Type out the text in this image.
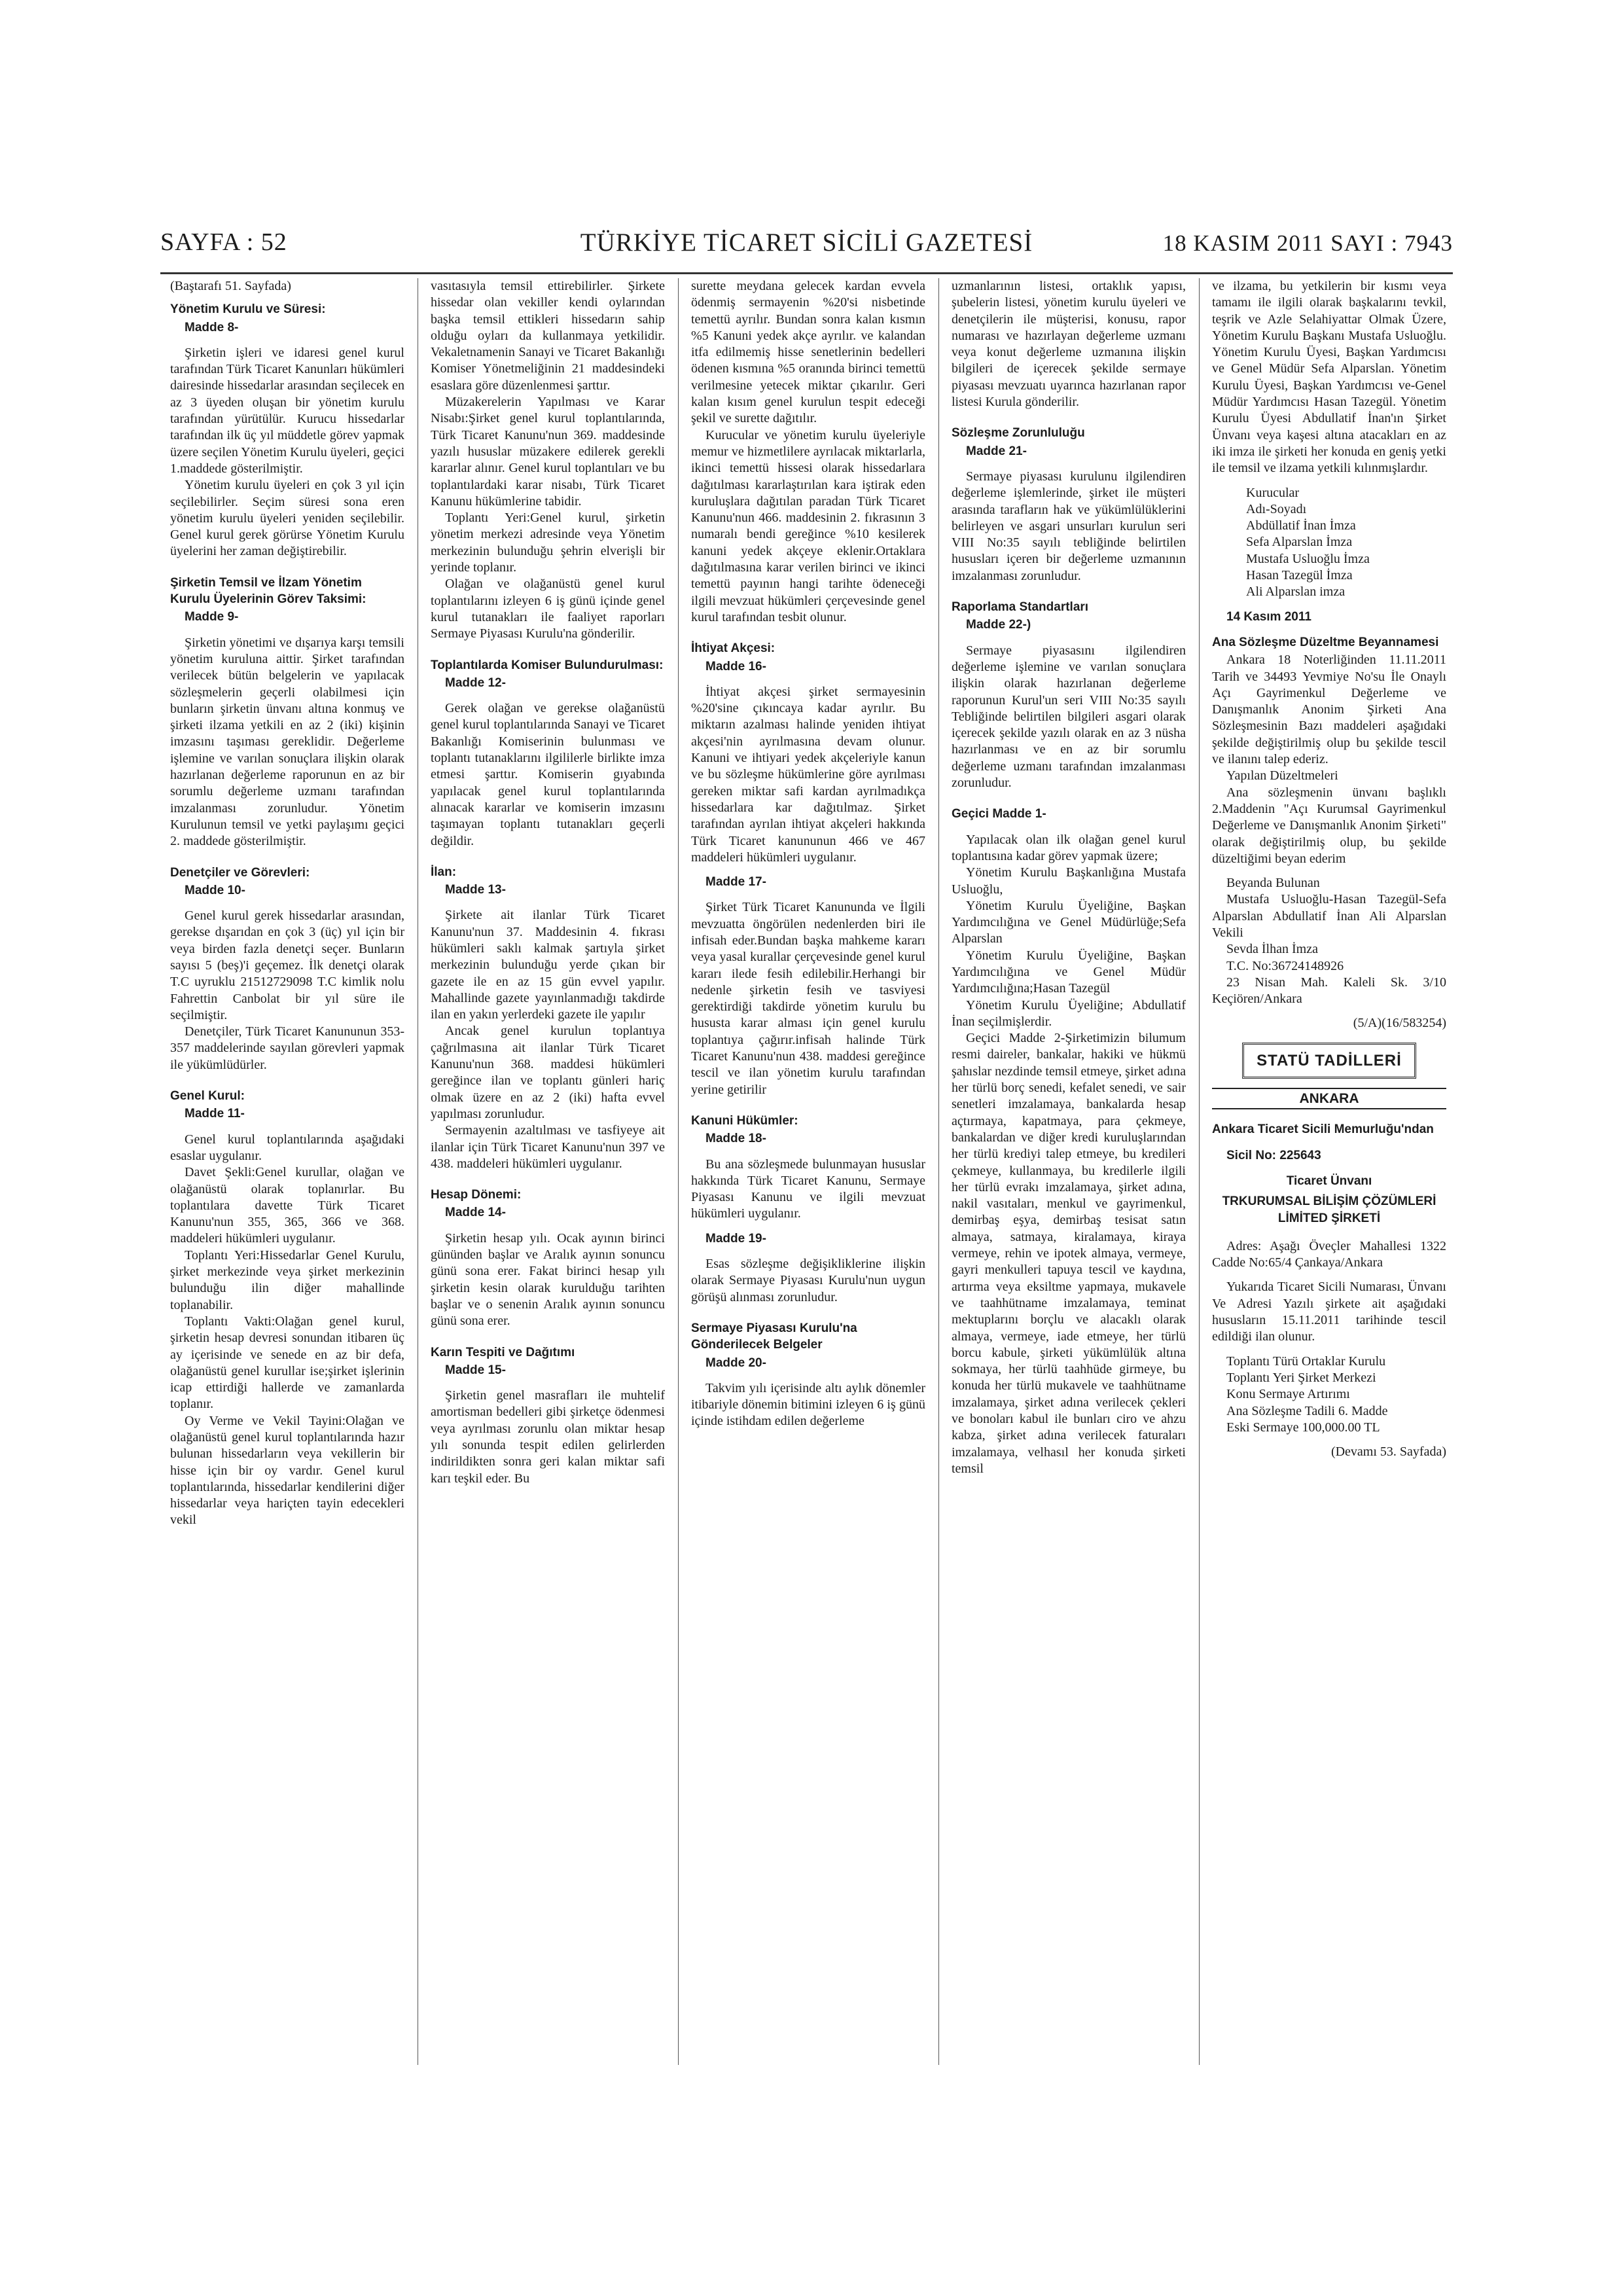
SAYFA : 52	TÜRKİYE TİCARET SİCİLİ GAZETESİ	18 KASIM 2011 SAYI : 7943

(Baştarafı 51. Sayfada)

Yönetim Kurulu ve Süresi:
Madde 8-

Şirketin işleri ve idaresi genel kurul tarafından Türk Ticaret Kanunları hükümleri dairesinde hissedarlar arasından seçilecek en az 3 üyeden oluşan bir yönetim kurulu tarafından yürütülür. Kurucu hissedarlar tarafından ilk üç yıl müddetle görev yapmak üzere seçilen Yönetim Kurulu üyeleri, geçici 1.maddede gösterilmiştir.

Yönetim kurulu üyeleri en çok 3 yıl için seçilebilirler. Seçim süresi sona eren yönetim kurulu üyeleri yeniden seçilebilir. Genel kurul gerek görürse Yönetim Kurulu üyelerini her zaman değiştirebilir.

Şirketin Temsil ve İlzam Yönetim Kurulu Üyelerinin Görev Taksimi:
Madde 9-

Şirketin yönetimi ve dışarıya karşı temsili yönetim kuruluna aittir. Şirket tarafından verilecek bütün belgelerin ve yapılacak sözleşmelerin geçerli olabilmesi için bunların şirketin ünvanı altına konmuş ve şirketi ilzama yetkili en az 2 (iki) kişinin imzasını taşıması gereklidir. Değerleme işlemine ve varılan sonuçlara ilişkin olarak hazırlanan değerleme raporunun en az bir sorumlu değerleme uzmanı tarafından imzalanması zorunludur. Yönetim Kurulunun temsil ve yetki paylaşımı geçici 2. maddede gösterilmiştir.

Denetçiler ve Görevleri:
Madde 10-

Genel kurul gerek hissedarlar arasından, gerekse dışarıdan en çok 3 (üç) yıl için bir veya birden fazla denetçi seçer. Bunların sayısı 5 (beş)'i geçemez. İlk denetçi olarak T.C uyruklu 21512729098 T.C kimlik nolu Fahrettin Canbolat bir yıl süre ile seçilmiştir.

Denetçiler, Türk Ticaret Kanununun 353-357 maddelerinde sayılan görevleri yapmak ile yükümlüdürler.

Genel Kurul:
Madde 11-

Genel kurul toplantılarında aşağıdaki esaslar uygulanır.

Davet Şekli:Genel kurullar, olağan ve olağanüstü olarak toplanırlar. Bu toplantılara davette Türk Ticaret Kanunu'nun 355, 365, 366 ve 368. maddeleri hükümleri uygulanır.

Toplantı Yeri:Hissedarlar Genel Kurulu, şirket merkezinde veya şirket merkezinin bulunduğu ilin diğer mahallinde toplanabilir.

Toplantı Vakti:Olağan genel kurul, şirketin hesap devresi sonundan itibaren üç ay içerisinde ve senede en az bir defa, olağanüstü genel kurullar ise;şirket işlerinin icap ettirdiği hallerde ve zamanlarda toplanır.

Oy Verme ve Vekil Tayini:Olağan ve olağanüstü genel kurul toplantılarında hazır bulunan hissedarların veya vekillerin bir hisse için bir oy vardır. Genel kurul toplantılarında, hissedarlar kendilerini diğer hissedarlar veya hariçten tayin edecekleri vekil

vasıtasıyla temsil ettirebilirler. Şirkete hissedar olan vekiller kendi oylarından başka temsil ettikleri hissedarın sahip olduğu oyları da kullanmaya yetkilidir. Vekaletnamenin Sanayi ve Ticaret Bakanlığı Komiser Yönetmeliğinin 21 maddesindeki esaslara göre düzenlenmesi şarttır.

Müzakerelerin Yapılması ve Karar Nisabı:Şirket genel kurul toplantılarında, Türk Ticaret Kanunu'nun 369. maddesinde yazılı hususlar müzakere edilerek gerekli kararlar alınır. Genel kurul toplantıları ve bu toplantılardaki karar nisabı, Türk Ticaret Kanunu hükümlerine tabidir.

Toplantı Yeri:Genel kurul, şirketin yönetim merkezi adresinde veya Yönetim merkezinin bulunduğu şehrin elverişli bir yerinde toplanır.

Olağan ve olağanüstü genel kurul toplantılarını izleyen 6 iş günü içinde genel kurul tutanakları ile faaliyet raporları Sermaye Piyasası Kurulu'na gönderilir.

Toplantılarda Komiser Bulundurulması:
Madde 12-

Gerek olağan ve gerekse olağanüstü genel kurul toplantılarında Sanayi ve Ticaret Bakanlığı Komiserinin bulunması ve toplantı tutanaklarını ilgililerle birlikte imza etmesi şarttır. Komiserin gıyabında yapılacak genel kurul toplantılarında alınacak kararlar ve komiserin imzasını taşımayan toplantı tutanakları geçerli değildir.

İlan:
Madde 13-

Şirkete ait ilanlar Türk Ticaret Kanunu'nun 37. Maddesinin 4. fıkrası hükümleri saklı kalmak şartıyla şirket merkezinin bulunduğu yerde çıkan bir gazete ile en az 15 gün evvel yapılır. Mahallinde gazete yayınlanmadığı takdirde ilan en yakın yerlerdeki gazete ile yapılır

Ancak genel kurulun toplantıya çağrılmasına ait ilanlar Türk Ticaret Kanunu'nun 368. maddesi hükümleri gereğince ilan ve toplantı günleri hariç olmak üzere en az 2 (iki) hafta evvel yapılması zorunludur.

Sermayenin azaltılması ve tasfiyeye ait ilanlar için Türk Ticaret Kanunu'nun 397 ve 438. maddeleri hükümleri uygulanır.

Hesap Dönemi:
Madde 14-

Şirketin hesap yılı. Ocak ayının birinci gününden başlar ve Aralık ayının sonuncu günü sona erer. Fakat birinci hesap yılı şirketin kesin olarak kurulduğu tarihten başlar ve o senenin Aralık ayının sonuncu günü sona erer.

Karın Tespiti ve Dağıtımı
Madde 15-

Şirketin genel masrafları ile muhtelif amortisman bedelleri gibi şirketçe ödenmesi veya ayrılması zorunlu olan miktar hesap yılı sonunda tespit edilen gelirlerden indirildikten sonra geri kalan miktar safi karı teşkil eder. Bu

surette meydana gelecek kardan evvela ödenmiş sermayenin %20'si nisbetinde temettü ayrılır. Bundan sonra kalan kısmın %5 Kanuni yedek akçe ayrılır. ve kalandan itfa edilmemiş hisse senetlerinin bedelleri ödenen kısmına %5 oranında birinci temettü verilmesine yetecek miktar çıkarılır. Geri kalan kısım genel kurulun tespit edeceği şekil ve surette dağıtılır.

Kurucular ve yönetim kurulu üyeleriyle memur ve hizmetlilere ayrılacak miktarlarla, ikinci temettü hissesi olarak hissedarlara dağıtılması kararlaştırılan kara iştirak eden kuruluşlara dağıtılan paradan Türk Ticaret Kanunu'nun 466. maddesinin 2. fıkrasının 3 numaralı bendi gereğince %10 kesilerek kanuni yedek akçeye eklenir.Ortaklara dağıtılmasına karar verilen birinci ve ikinci temettü payının hangi tarihte ödeneceği ilgili mevzuat hükümleri çerçevesinde genel kurul tarafından tesbit olunur.

İhtiyat Akçesi:
Madde 16-

İhtiyat akçesi şirket sermayesinin %20'sine çıkıncaya kadar ayrılır. Bu miktarın azalması halinde yeniden ihtiyat akçesi'nin ayrılmasına devam olunur. Kanuni ve ihtiyari yedek akçeleriyle kanun ve bu sözleşme hükümlerine göre ayrılması gereken miktar safi kardan ayrılmadıkça hissedarlara kar dağıtılmaz. Şirket tarafından ayrılan ihtiyat akçeleri hakkında Türk Ticaret kanununun 466 ve 467 maddeleri hükümleri uygulanır.

Madde 17-

Şirket Türk Ticaret Kanununda ve İlgili mevzuatta öngörülen nedenlerden biri ile infisah eder.Bundan başka mahkeme kararı veya yasal kurallar çerçevesinde genel kurul kararı ilede fesih edilebilir.Herhangi bir nedenle şirketin fesih ve tasviyesi gerektirdiği takdirde yönetim kurulu bu hususta karar alması için genel kurulu toplantıya çağırır.infisah halinde Türk Ticaret Kanunu'nun 438. maddesi gereğince tescil ve ilan yönetim kurulu tarafından yerine getirilir

Kanuni Hükümler:
Madde 18-

Bu ana sözleşmede bulunmayan hususlar hakkında Türk Ticaret Kanunu, Sermaye Piyasası Kanunu ve ilgili mevzuat hükümleri uygulanır.

Madde 19-

Esas sözleşme değişikliklerine ilişkin olarak Sermaye Piyasası Kurulu'nun uygun görüşü alınması zorunludur.

Sermaye Piyasası Kurulu'na Gönderilecek Belgeler
Madde 20-

Takvim yılı içerisinde altı aylık dönemler itibariyle dönemin bitimini izleyen 6 iş günü içinde istihdam edilen değerleme

uzmanlarının listesi, ortaklık yapısı, şubelerin listesi, yönetim kurulu üyeleri ve denetçilerin ile müşterisi, konusu, rapor numarası ve hazırlayan değerleme uzmanı veya konut değerleme uzmanına ilişkin bilgileri de içerecek şekilde sermaye piyasası mevzuatı uyarınca hazırlanan rapor listesi Kurula gönderilir.

Sözleşme Zorunluluğu
Madde 21-

Sermaye piyasası kurulunu ilgilendiren değerleme işlemlerinde, şirket ile müşteri arasında tarafların hak ve yükümlülüklerini belirleyen ve asgari unsurları kurulun seri VIII No:35 sayılı tebliğinde belirtilen hususları içeren bir değerleme uzmanının imzalanması zorunludur.

Raporlama Standartları
Madde 22-)

Sermaye piyasasını ilgilendiren değerleme işlemine ve varılan sonuçlara ilişkin olarak hazırlanan değerleme raporunun Kurul'un seri VIII No:35 sayılı Tebliğinde belirtilen bilgileri asgari olarak içerecek şekilde yazılı olarak en az 3 nüsha hazırlanması ve en az bir sorumlu değerleme uzmanı tarafından imzalanması zorunludur.

Geçici Madde 1-

Yapılacak olan ilk olağan genel kurul toplantısına kadar görev yapmak üzere;

Yönetim Kurulu Başkanlığına Mustafa Usluoğlu,

Yönetim Kurulu Üyeliğine, Başkan Yardımcılığına ve Genel Müdürlüğe;Sefa Alparslan

Yönetim Kurulu Üyeliğine, Başkan Yardımcılığına ve Genel Müdür Yardımcılığına;Hasan Tazegül

Yönetim Kurulu Üyeliğine; Abdullatif İnan seçilmişlerdir.

Geçici Madde 2-Şirketimizin bilumum resmi daireler, bankalar, hakiki ve hükmü şahıslar nezdinde temsil etmeye, şirket adına her türlü borç senedi, kefalet senedi, ve sair senetleri imzalamaya, bankalarda hesap açtırmaya, kapatmaya, para çekmeye, bankalardan ve diğer kredi kuruluşlarından her türlü krediyi talep etmeye, bu kredileri çekmeye, kullanmaya, bu kredilerle ilgili her türlü evrakı imzalamaya, şirket adına, nakil vasıtaları, menkul ve gayrimenkul, demirbaş eşya, demirbaş tesisat satın almaya, satmaya, kiralamaya, kiraya vermeye, rehin ve ipotek almaya, vermeye, gayri menkulleri tapuya tescil ve kaydına, artırma veya eksiltme yapmaya, mukavele ve taahhütname imzalamaya, teminat mektuplarını borçlu ve alacaklı olarak almaya, vermeye, iade etmeye, her türlü borcu kabule, şirketi yükümlülük altına sokmaya, her türlü taahhüde girmeye, bu konuda her türlü mukavele ve taahhütname imzalamaya, şirket adına verilecek çekleri ve bonoları kabul ile bunları ciro ve ahzu kabza, şirket adına verilecek faturaları imzalamaya, velhasıl her konuda şirketi temsil

ve ilzama, bu yetkilerin bir kısmı veya tamamı ile ilgili olarak başkalarını tevkil, teşrik ve Azle Selahiyattar Olmak Üzere, Yönetim Kurulu Başkanı Mustafa Usluoğlu. Yönetim Kurulu Üyesi, Başkan Yardımcısı ve Genel Müdür Sefa Alparslan. Yönetim Kurulu Üyesi, Başkan Yardımcısı ve-Genel Müdür Yardımcısı Hasan Tazegül. Yönetim Kurulu Üyesi Abdullatif İnan'ın Şirket Ünvanı veya kaşesi altına atacakları en az iki imza ile şirketi her konuda en geniş yetki ile temsil ve ilzama yetkili kılınmışlardır.

Kurucular

Adı-Soyadı

Abdüllatif İnan İmza

Sefa Alparslan İmza

Mustafa Usluoğlu İmza

Hasan Tazegül İmza

Ali Alparslan imza

14 Kasım 2011
Ana Sözleşme Düzeltme Beyannamesi

Ankara 18 Noterliğinden 11.11.2011 Tarih ve 34493 Yevmiye No'su İle Onaylı Açı Gayrimenkul Değerleme ve Danışmanlık Anonim Şirketi Ana Sözleşmesinin Bazı maddeleri aşağıdaki şekilde değiştirilmiş olup bu şekilde tescil ve ilanını talep ederiz.

Yapılan Düzeltmeleri

Ana sözleşmenin ünvanı başlıklı 2.Maddenin "Açı Kurumsal Gayrimenkul Değerleme ve Danışmanlık Anonim Şirketi" olarak değiştirilmiş olup, bu şekilde düzeltiğimi beyan ederim

Beyanda Bulunan

Mustafa Usluoğlu-Hasan Tazegül-Sefa Alparslan Abdullatif İnan Ali Alparslan Vekili

Sevda İlhan İmza

T.C. No:36724148926

23 Nisan Mah. Kaleli Sk. 3/10 Keçiören/Ankara

(5/A)(16/583254)

STATÜ TADİLLERİ
ANKARA
Ankara Ticaret Sicili Memurluğu'ndan
Sicil No: 225643
Ticaret Ünvanı
TRKURUMSAL BİLİŞİM ÇÖZÜMLERİ LİMİTED ŞİRKETİ

Adres: Aşağı Öveçler Mahallesi 1322 Cadde No:65/4 Çankaya/Ankara

Yukarıda Ticaret Sicili Numarası, Ünvanı Ve Adresi Yazılı şirkete ait aşağıdaki hususların 15.11.2011 tarihinde tescil edildiği ilan olunur.

Toplantı Türü Ortaklar Kurulu

Toplantı Yeri Şirket Merkezi

Konu Sermaye Artırımı

Ana Sözleşme Tadili 6. Madde

Eski Sermaye 100,000.00 TL

(Devamı 53. Sayfada)
